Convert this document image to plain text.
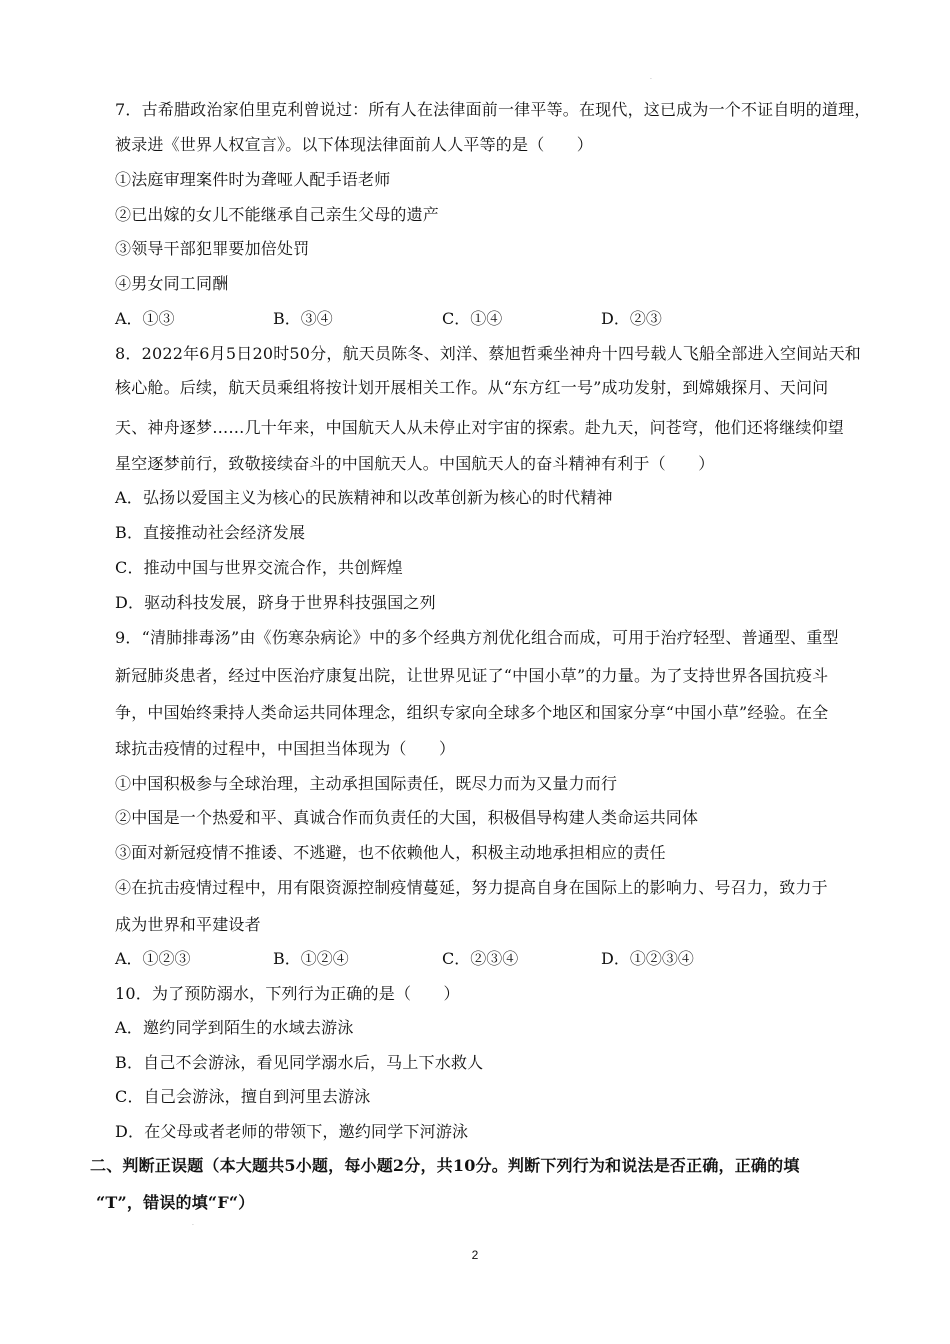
7．古希腊政治家伯里克利曾说过：所有人在法律面前一律平等。在现代，这已成为一个不证自明的道理，
被录进《世界人权宣言》。以下体现法律面前人人平等的是（　　）
①法庭审理案件时为聋哑人配手语老师
②已出嫁的女儿不能继承自己亲生父母的遗产
③领导干部犯罪要加倍处罚
④男女同工同酬
A．①③	B．③④	C．①④	D．②③
8．2022年6月5日20时50分，航天员陈冬、刘洋、蔡旭哲乘坐神舟十四号载人飞船全部进入空间站天和
核心舱。后续，航天员乘组将按计划开展相关工作。从“东方红一号”成功发射，到嫦娥探月、天问问
天、神舟逐梦……几十年来，中国航天人从未停止对宇宙的探索。赴九天，问苍穹，他们还将继续仰望
星空逐梦前行，致敬接续奋斗的中国航天人。中国航天人的奋斗精神有利于（　　）
A．弘扬以爱国主义为核心的民族精神和以改革创新为核心的时代精神
B．直接推动社会经济发展
C．推动中国与世界交流合作，共创辉煌
D．驱动科技发展，跻身于世界科技强国之列
9．“清肺排毒汤”由《伤寒杂病论》中的多个经典方剂优化组合而成，可用于治疗轻型、普通型、重型
新冠肺炎患者，经过中医治疗康复出院，让世界见证了“中国小草”的力量。为了支持世界各国抗疫斗
争，中国始终秉持人类命运共同体理念，组织专家向全球多个地区和国家分享“中国小草”经验。在全
球抗击疫情的过程中，中国担当体现为（　　）
①中国积极参与全球治理，主动承担国际责任，既尽力而为又量力而行
②中国是一个热爱和平、真诚合作而负责任的大国，积极倡导构建人类命运共同体
③面对新冠疫情不推诿、不逃避，也不依赖他人，积极主动地承担相应的责任
④在抗击疫情过程中，用有限资源控制疫情蔓延，努力提高自身在国际上的影响力、号召力，致力于
成为世界和平建设者
A．①②③	B．①②④	C．②③④	D．①②③④
10．为了预防溺水，下列行为正确的是（　　）
A．邀约同学到陌生的水域去游泳
B．自己不会游泳，看见同学溺水后，马上下水救人
C．自己会游泳，擅自到河里去游泳
D．在父母或者老师的带领下，邀约同学下河游泳
二、判断正误题（本大题共5小题，每小题2分，共10分。判断下列行为和说法是否正确，正确的填
“T”，错误的填“F“）
·
·
2
